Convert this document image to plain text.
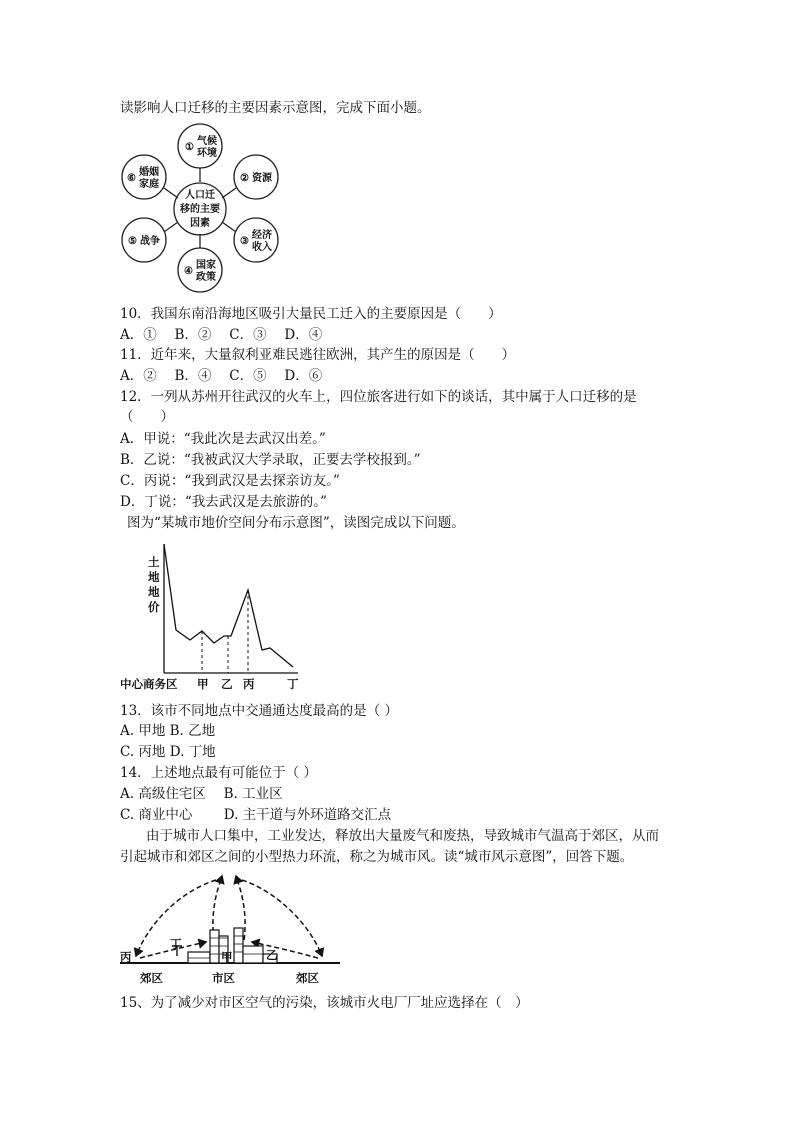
读影响人口迁移的主要因素示意图，完成下面小题。
人口迁
移的主要
因素
①
气候
环境
② 资源
③
经济
收入
④
国家
政策
⑤ 战争
⑥
婚姻
家庭
10．我国东南沿海地区吸引大量民工迁入的主要原因是（　　）
A．①　 B．②　 C．③　 D．④
11．近年来，大量叙利亚难民逃往欧洲，其产生的原因是（　　）
A．②　 B．④　 C．⑤　 D．⑥
12．一列从苏州开往武汉的火车上，四位旅客进行如下的谈话，其中属于人口迁移的是
（　　）
A．甲说：“我此次是去武汉出差。”
B．乙说：“我被武汉大学录取，正要去学校报到。”
C．丙说：“我到武汉是去探亲访友。”
D．丁说：“我去武汉是去旅游的。”
图为“某城市地价空间分布示意图”，读图完成以下问题。
土
地
地
价
中心商务区 甲 乙 丙	丁
13．该市不同地点中交通通达度最高的是（ ）
A. 甲地 B. 乙地
C. 丙地 D. 丁地
14．上述地点最有可能位于（ ）
A. 高级住宅区　 B. 工业区
C. 商业中心　　 D. 主干道与外环道路交汇点
由于城市人口集中，工业发达，释放出大量废气和废热，导致城市气温高于郊区，从而
引起城市和郊区之间的小型热力环流，称之为城市风。读“城市风示意图”，回答下题。
丙
丁
甲	乙
郊区	市区	郊区
15、为了减少对市区空气的污染，该城市火电厂厂址应选择在（　）
